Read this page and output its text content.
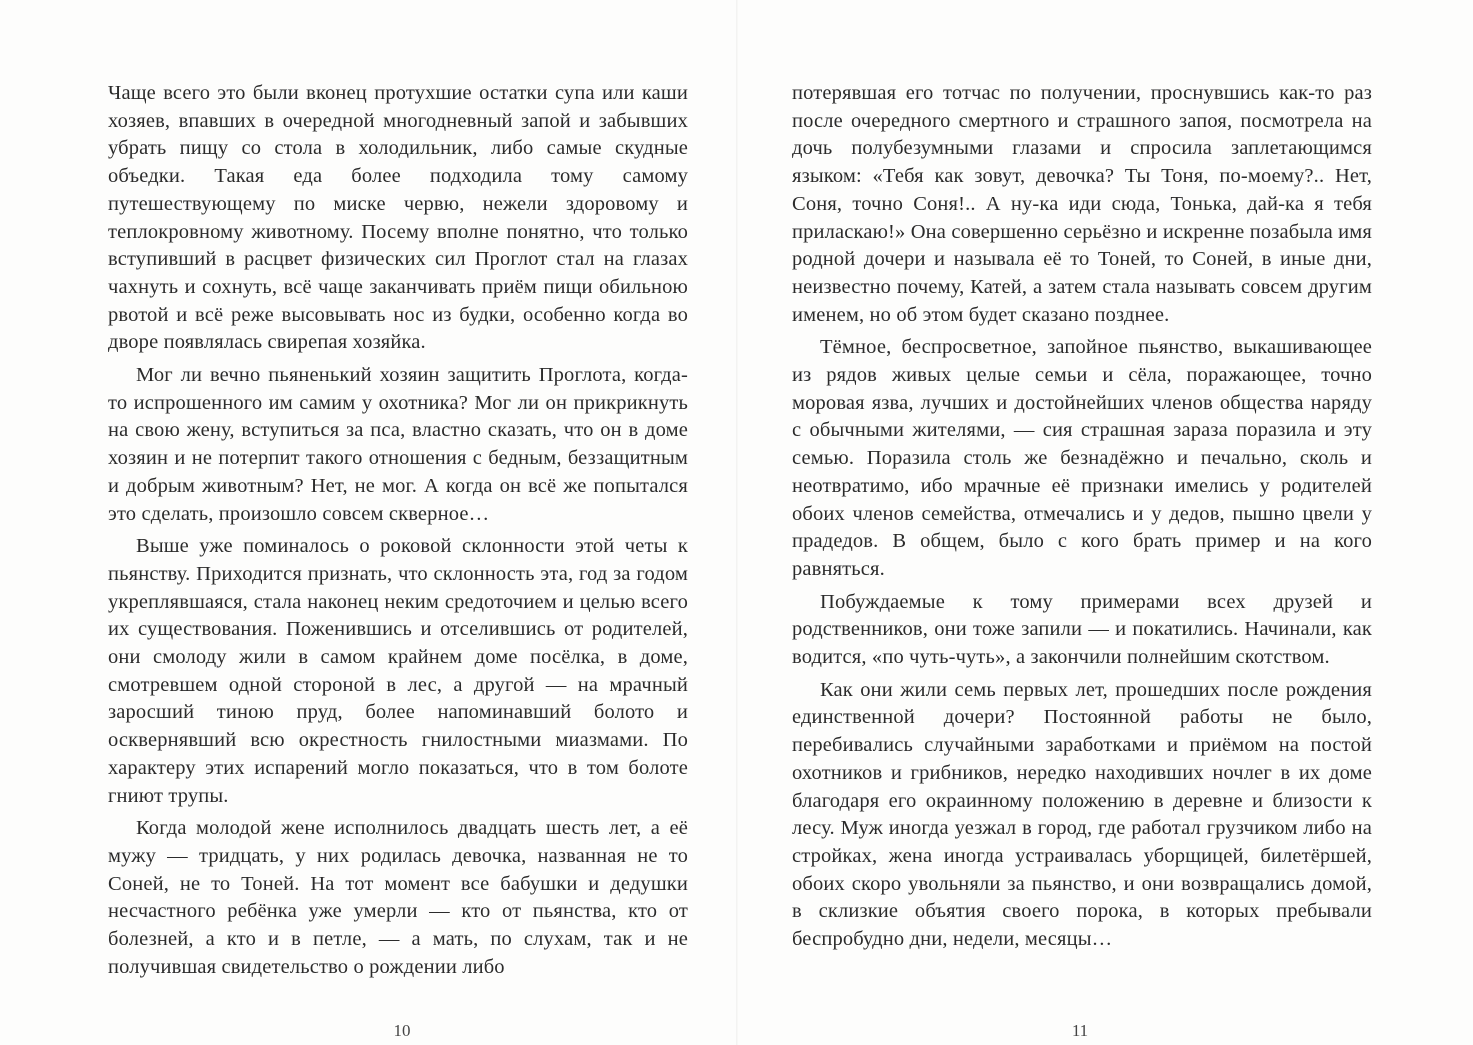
Чаще всего это были вконец протухшие остатки супа или каши хозяев, впавших в очередной многодневный запой и забывших убрать пищу со стола в холодильник, либо самые скудные объедки. Такая еда более подходила тому самому путешествующему по миске червю, нежели здоровому и теплокровному животному. Посему вполне понятно, что только вступивший в расцвет физических сил Проглот стал на глазах чахнуть и сохнуть, всё чаще заканчивать приём пищи обильною рвотой и всё реже высовывать нос из будки, особенно когда во дворе появлялась свирепая хозяйка.

Мог ли вечно пьяненький хозяин защитить Проглота, когда-то испрошенного им самим у охотника? Мог ли он прикрикнуть на свою жену, вступиться за пса, властно сказать, что он в доме хозяин и не потерпит такого отношения с бедным, беззащитным и добрым животным? Нет, не мог. А когда он всё же попытался это сделать, произошло совсем скверное…

Выше уже поминалось о роковой склонности этой четы к пьянству. Приходится признать, что склонность эта, год за годом укреплявшаяся, стала наконец неким средоточием и целью всего их существования. Поженившись и отселившись от родителей, они смолоду жили в самом крайнем доме посёлка, в доме, смотревшем одной стороной в лес, а другой — на мрачный заросший тиною пруд, более напоминавший болото и осквернявший всю окрестность гнилостными миазмами. По характеру этих испарений могло показаться, что в том болоте гниют трупы.

Когда молодой жене исполнилось двадцать шесть лет, а её мужу — тридцать, у них родилась девочка, названная не то Соней, не то Тоней. На тот момент все бабушки и дедушки несчастного ребёнка уже умерли — кто от пьянства, кто от болезней, а кто и в петле, — а мать, по слухам, так и не получившая свидетельство о рождении либо

потерявшая его тотчас по получении, проснувшись как-то раз после очередного смертного и страшного запоя, посмотрела на дочь полубезумными глазами и спросила заплетающимся языком: «Тебя как зовут, девочка? Ты Тоня, по-моему?.. Нет, Соня, точно Соня!.. А ну-ка иди сюда, Тонька, дай-ка я тебя приласкаю!» Она совершенно серьёзно и искренне позабыла имя родной дочери и называла её то Тоней, то Соней, в иные дни, неизвестно почему, Катей, а затем стала называть совсем другим именем, но об этом будет сказано позднее.

Тёмное, беспросветное, запойное пьянство, выкашивающее из рядов живых целые семьи и сёла, поражающее, точно моровая язва, лучших и достойнейших членов общества наряду с обычными жителями, — сия страшная зараза поразила и эту семью. Поразила столь же безнадёжно и печально, сколь и неотвратимо, ибо мрачные её признаки имелись у родителей обоих членов семейства, отмечались и у дедов, пышно цвели у прадедов. В общем, было с кого брать пример и на кого равняться.

Побуждаемые к тому примерами всех друзей и родственников, они тоже запили — и покатились. Начинали, как водится, «по чуть-чуть», а закончили полнейшим скотством.

Как они жили семь первых лет, прошедших после рождения единственной дочери? Постоянной работы не было, перебивались случайными заработками и приёмом на постой охотников и грибников, нередко находивших ночлег в их доме благодаря его окраинному положению в деревне и близости к лесу. Муж иногда уезжал в город, где работал грузчиком либо на стройках, жена иногда устраивалась уборщицей, билетёршей, обоих скоро увольняли за пьянство, и они возвращались домой, в склизкие объятия своего порока, в которых пребывали беспробудно дни, недели, месяцы…

10	11
